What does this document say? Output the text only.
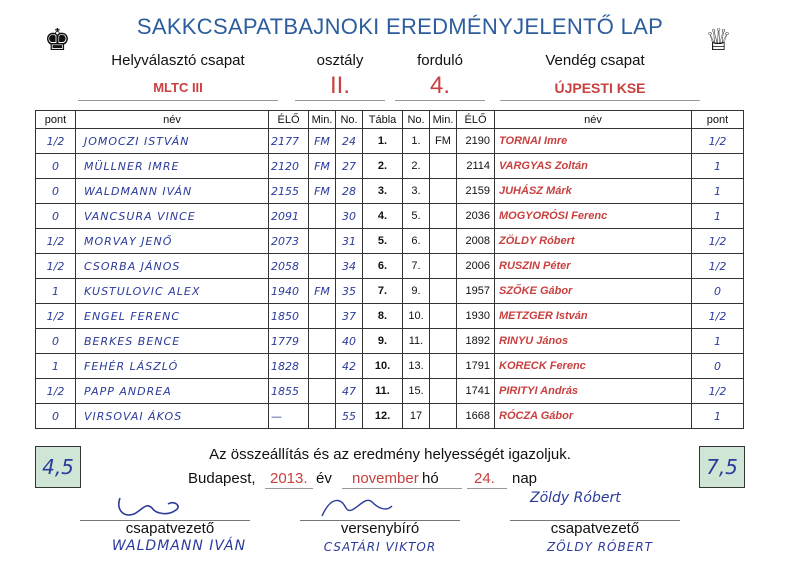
SAKKCSAPATBAJNOKI EREDMÉNYJELENTŐ LAP
♚	♕
Helyválasztó csapat	osztály	forduló	Vendég csapat
MLTC III	II.	4.	ÚJPESTI KSE
pont	név	ÉLŐ	Min.	No.	Tábla	No.	Min.	ÉLŐ	név	pont
1/2	JOMOCZI ISTVÁN	2177	FM	24	1.	1.	FM	2190	TORNAI Imre	1/2
0	MÜLLNER IMRE	2120	FM	27	2.	2.		2114	VARGYAS Zoltán	1
0	WALDMANN IVÁN	2155	FM	28	3.	3.		2159	JUHÁSZ Márk	1
0	VANCSURA VINCE	2091		30	4.	5.		2036	MOGYORÓSI Ferenc	1
1/2	MORVAY JENŐ	2073		31	5.	6.		2008	ZÖLDY Róbert	1/2
1/2	CSORBA JÁNOS	2058		34	6.	7.		2006	RUSZIN Péter	1/2
1	KUSTULOVIC ALEX	1940	FM	35	7.	9.		1957	SZŐKE Gábor	0
1/2	ENGEL FERENC	1850		37	8.	10.		1930	METZGER István	1/2
0	BERKES BENCE	1779		40	9.	11.		1892	RINYU János	1
1	FEHÉR LÁSZLÓ	1828		42	10.	13.		1791	KORECK Ferenc	0
1/2	PAPP ANDREA	1855		47	11.	15.		1741	PIRITYI András	1/2
0	VIRSOVAI ÁKOS	—		55	12.	17		1668	RÓCZA Gábor	1
4,5	7,5
Az összeállítás és az eredmény helyességét igazoljuk.
Budapest, 2013. év november hó 24. nap
Zöldy Róbert
csapatvezető	versenybíró	csapatvezető
WALDMANN IVÁN	CSATÁRI VIKTOR	ZÖLDY RÓBERT
